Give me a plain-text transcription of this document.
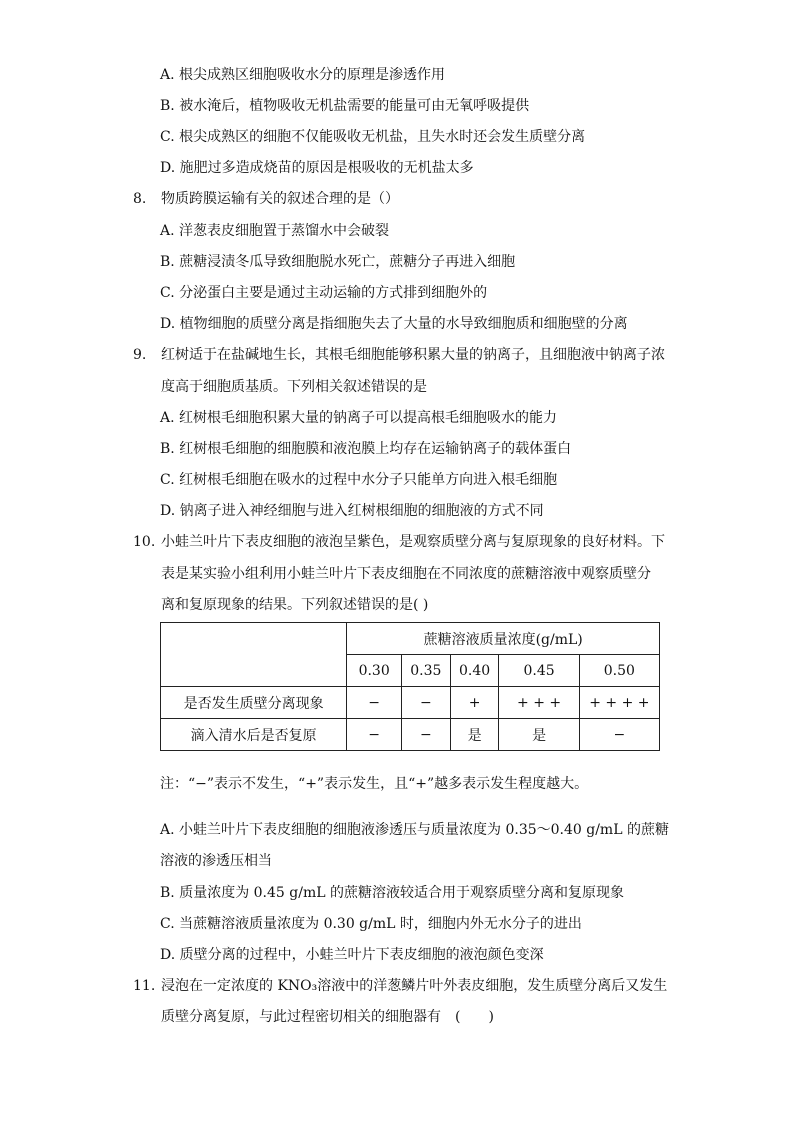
A. 根尖成熟区细胞吸收水分的原理是渗透作用
B. 被水淹后，植物吸收无机盐需要的能量可由无氧呼吸提供
C. 根尖成熟区的细胞不仅能吸收无机盐，且失水时还会发生质壁分离
D. 施肥过多造成烧苗的原因是根吸收的无机盐太多
8. 物质跨膜运输有关的叙述合理的是（）
A. 洋葱表皮细胞置于蒸馏水中会破裂
B. 蔗糖浸渍冬瓜导致细胞脱水死亡，蔗糖分子再进入细胞
C. 分泌蛋白主要是通过主动运输的方式排到细胞外的
D. 植物细胞的质壁分离是指细胞失去了大量的水导致细胞质和细胞壁的分离
9. 红树适于在盐碱地生长，其根毛细胞能够积累大量的钠离子，且细胞液中钠离子浓
度高于细胞质基质。下列相关叙述错误的是
A. 红树根毛细胞积累大量的钠离子可以提高根毛细胞吸水的能力
B. 红树根毛细胞的细胞膜和液泡膜上均存在运输钠离子的载体蛋白
C. 红树根毛细胞在吸水的过程中水分子只能单方向进入根毛细胞
D. 钠离子进入神经细胞与进入红树根细胞的细胞液的方式不同
10. 小蛙兰叶片下表皮细胞的液泡呈紫色，是观察质壁分离与复原现象的良好材料。下
表是某实验小组利用小蛙兰叶片下表皮细胞在不同浓度的蔗糖溶液中观察质壁分
离和复原现象的结果。下列叙述错误的是( )
	蔗糖溶液质量浓度(g/mL)				
	0.30	0.35	0.40	0.45	0.50
是否发生质壁分离现象	−	−	+	+ + +	+ + + +
滴入清水后是否复原	−	−	是	是	−
注：“−”表示不发生，“+”表示发生，且“+”越多表示发生程度越大。
A. 小蛙兰叶片下表皮细胞的细胞液渗透压与质量浓度为 0.35～0.40 g/mL 的蔗糖
溶液的渗透压相当
B. 质量浓度为 0.45 g/mL 的蔗糖溶液较适合用于观察质壁分离和复原现象
C. 当蔗糖溶液质量浓度为 0.30 g/mL 时，细胞内外无水分子的进出
D. 质壁分离的过程中，小蛙兰叶片下表皮细胞的液泡颜色变深
11. 浸泡在一定浓度的 KNO₃溶液中的洋葱鳞片叶外表皮细胞，发生质壁分离后又发生
质壁分离复原，与此过程密切相关的细胞器有　(　　)
